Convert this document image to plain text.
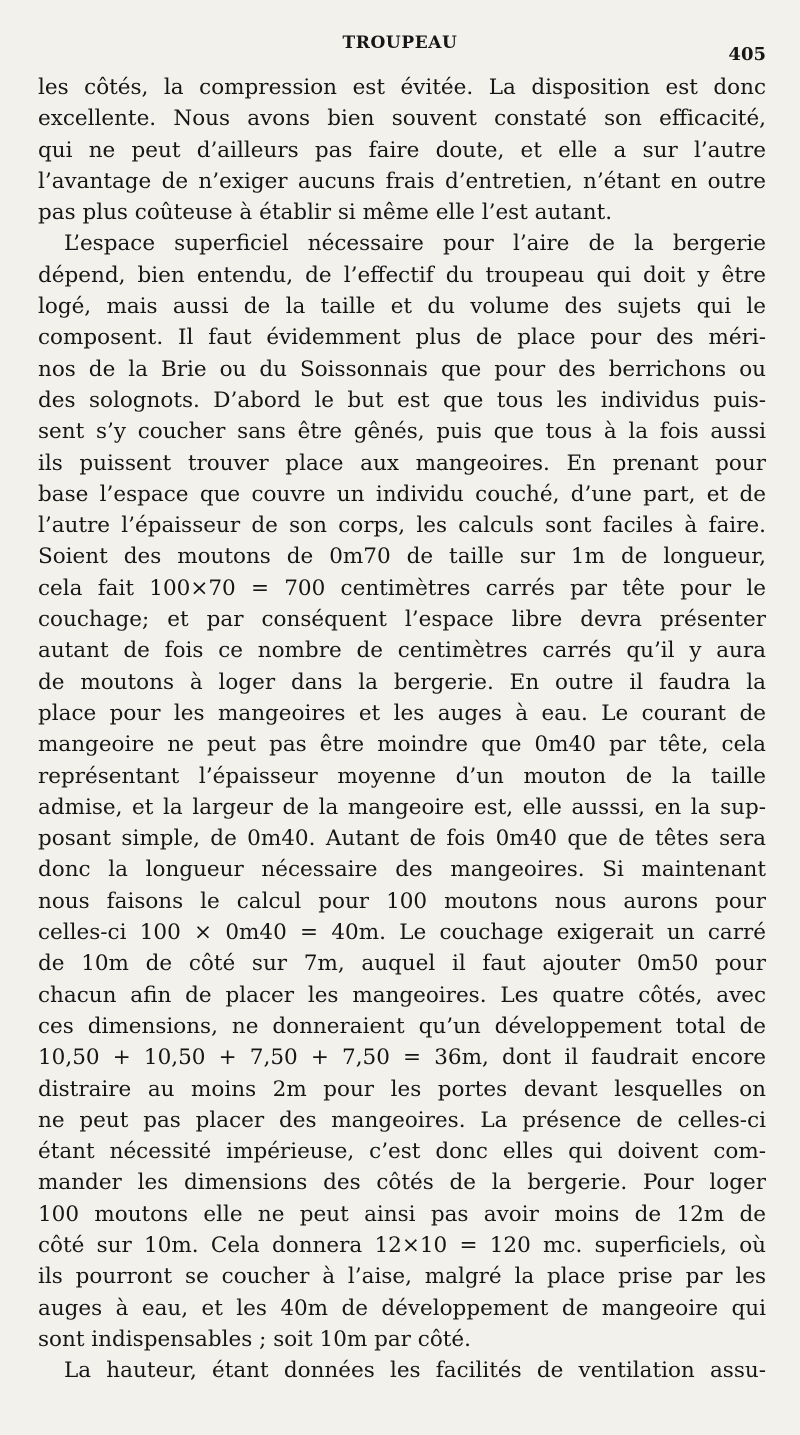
TROUPEAU
405
les côtés, la compression est évitée. La disposition est donc
excellente. Nous avons bien souvent constaté son efficacité,
qui ne peut d’ailleurs pas faire doute, et elle a sur l’autre
l’avantage de n’exiger aucuns frais d’entretien, n’étant en outre
pas plus coûteuse à établir si même elle l’est autant.
L’espace superficiel nécessaire pour l’aire de la bergerie
dépend, bien entendu, de l’effectif du troupeau qui doit y être
logé, mais aussi de la taille et du volume des sujets qui le
composent. Il faut évidemment plus de place pour des méri-
nos de la Brie ou du Soissonnais que pour des berrichons ou
des solognots. D’abord le but est que tous les individus puis-
sent s’y coucher sans être gênés, puis que tous à la fois aussi
ils puissent trouver place aux mangeoires. En prenant pour
base l’espace que couvre un individu couché, d’une part, et de
l’autre l’épaisseur de son corps, les calculs sont faciles à faire.
Soient des moutons de 0m70 de taille sur 1m de longueur,
cela fait 100×70 = 700 centimètres carrés par tête pour le
couchage; et par conséquent l’espace libre devra présenter
autant de fois ce nombre de centimètres carrés qu’il y aura
de moutons à loger dans la bergerie. En outre il faudra la
place pour les mangeoires et les auges à eau. Le courant de
mangeoire ne peut pas être moindre que 0m40 par tête, cela
représentant l’épaisseur moyenne d’un mouton de la taille
admise, et la largeur de la mangeoire est, elle ausssi, en la sup-
posant simple, de 0m40. Autant de fois 0m40 que de têtes sera
donc la longueur nécessaire des mangeoires. Si maintenant
nous faisons le calcul pour 100 moutons nous aurons pour
celles-ci 100 × 0m40 = 40m. Le couchage exigerait un carré
de 10m de côté sur 7m, auquel il faut ajouter 0m50 pour
chacun afin de placer les mangeoires. Les quatre côtés, avec
ces dimensions, ne donneraient qu’un développement total de
10,50 + 10,50 + 7,50 + 7,50 = 36m, dont il faudrait encore
distraire au moins 2m pour les portes devant lesquelles on
ne peut pas placer des mangeoires. La présence de celles-ci
étant nécessité impérieuse, c’est donc elles qui doivent com-
mander les dimensions des côtés de la bergerie. Pour loger
100 moutons elle ne peut ainsi pas avoir moins de 12m de
côté sur 10m. Cela donnera 12×10 = 120 mc. superficiels, où
ils pourront se coucher à l’aise, malgré la place prise par les
auges à eau, et les 40m de développement de mangeoire qui
sont indispensables ; soit 10m par côté.
La hauteur, étant données les facilités de ventilation assu-
